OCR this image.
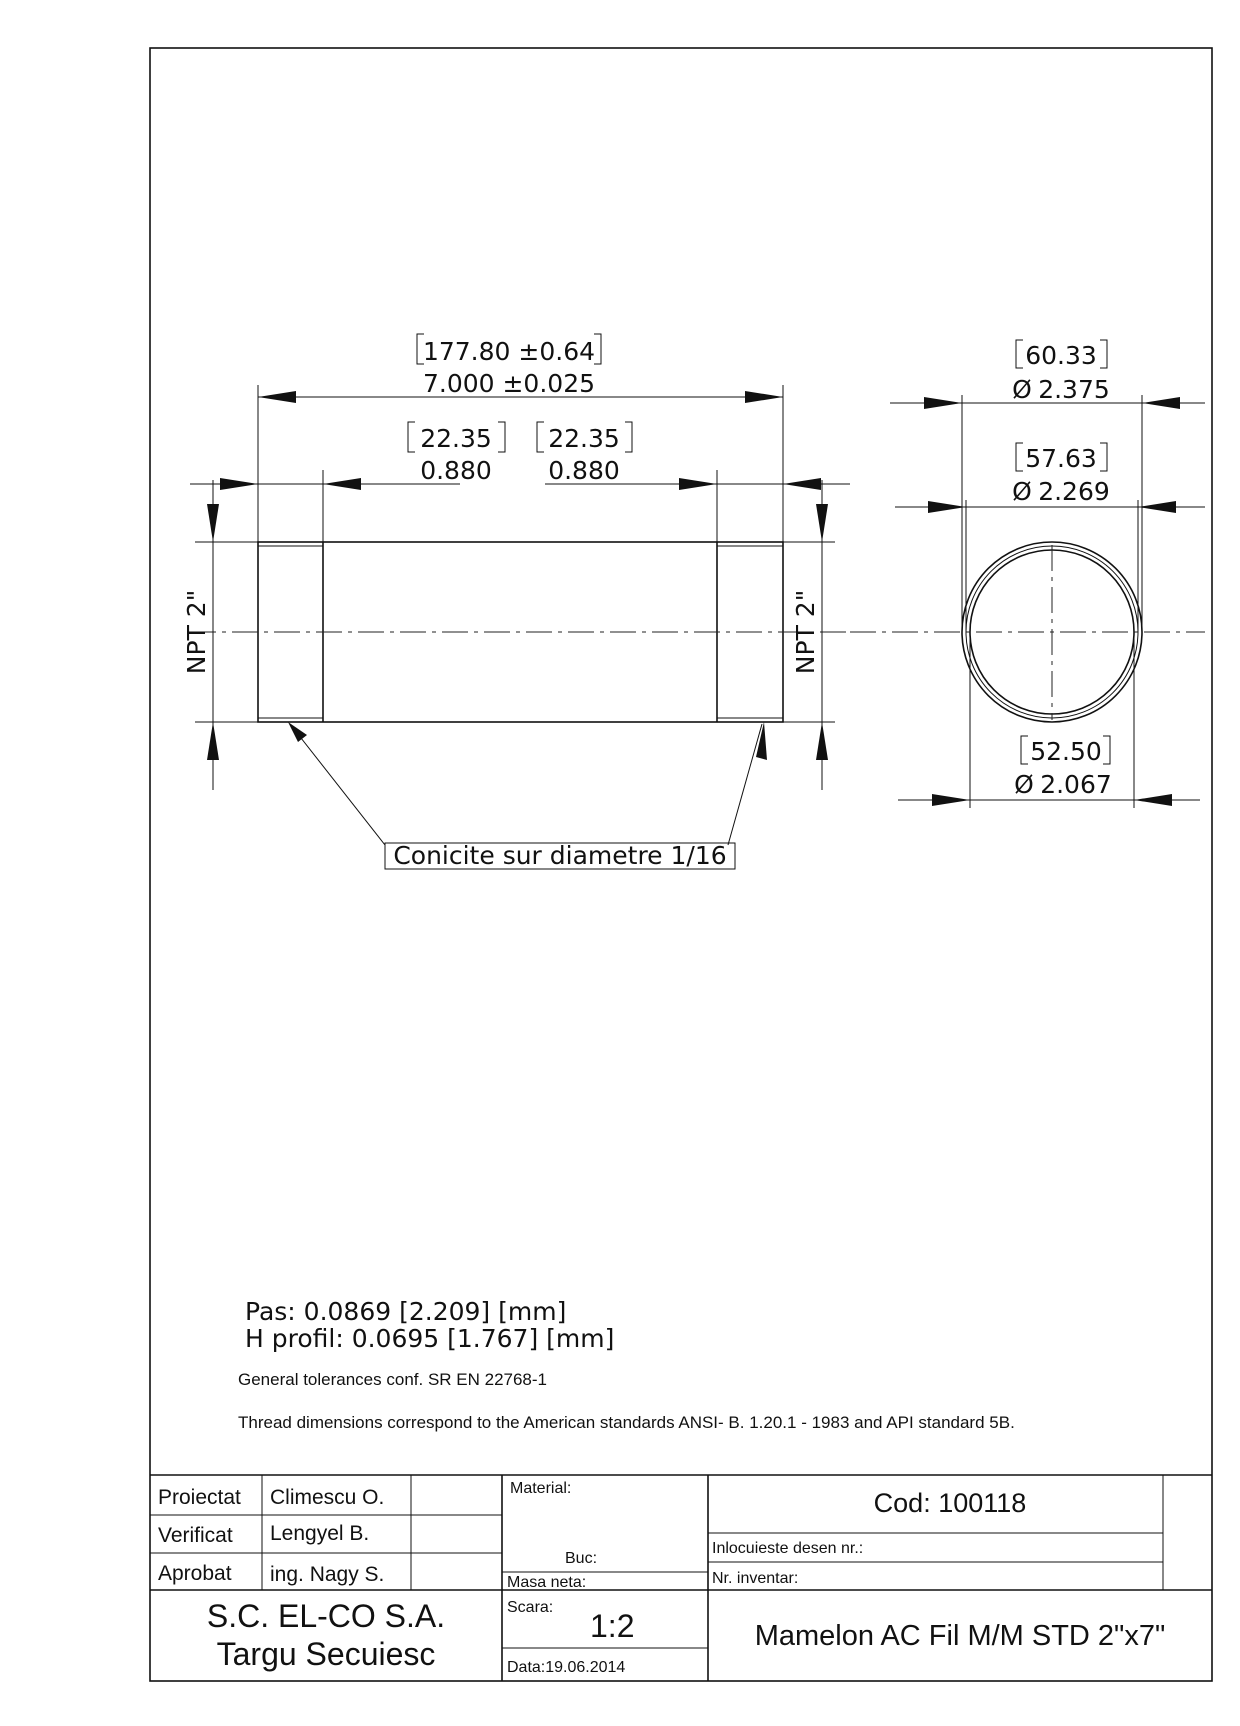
177.80 ±0.64
7.000 ±0.025
22.35
0.880
22.35
0.880
NPT 2"	NPT 2"
Conicite sur diametre 1/16
60.33
Ø 2.375
57.63
Ø 2.269
52.50
Ø 2.067
Pas: 0.0869 [2.209] [mm]
H profil: 0.0695 [1.767] [mm]
General tolerances conf. SR EN 22768-1
Thread dimensions correspond to the American standards ANSI- B. 1.20.1 - 1983 and API standard 5B.
Proiectat Climescu O.
Verificat Lengyel B.
Aprobat ing. Nagy S.
S.C. EL-CO S.A.
Targu Secuiesc
Material:
Buc:
Masa neta:
Scara:
1:2
Data:19.06.2014
Cod: 100118
Inlocuieste desen nr.:
Nr. inventar:
Mamelon AC Fil M/M STD 2"x7"
